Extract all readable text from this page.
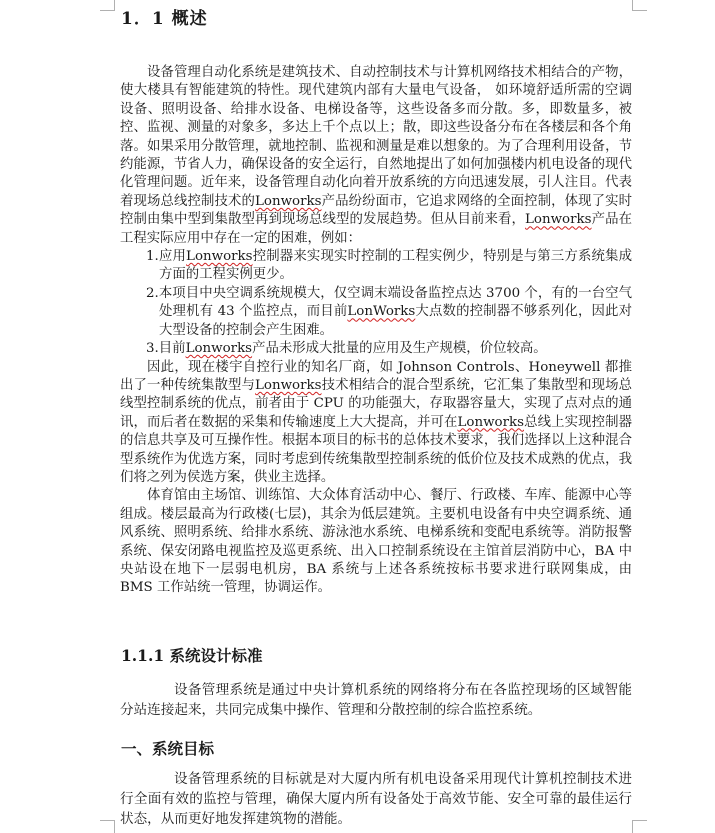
1．1 概述

设备管理自动化系统是建筑技术、自动控制技术与计算机网络技术相结合的产物，使大楼具有智能建筑的特性。现代建筑内部有大量电气设备， 如环境舒适所需的空调设备、照明设备、给排水设备、电梯设备等，这些设备多而分散。多，即数量多，被控、监视、测量的对象多，多达上千个点以上；散，即这些设备分布在各楼层和各个角落。如果采用分散管理，就地控制、监视和测量是难以想象的。为了合理利用设备，节约能源，节省人力，确保设备的安全运行，自然地提出了如何加强楼内机电设备的现代化管理问题。近年来，设备管理自动化向着开放系统的方向迅速发展，引人注目。代表着现场总线控制技术的Lonworks产品纷纷面市，它追求网络的全面控制，体现了实时控制由集中型到集散型再到现场总线型的发展趋势。但从目前来看，Lonworks产品在工程实际应用中存在一定的困难，例如：

1.应用Lonworks控制器来实现实时控制的工程实例少，特别是与第三方系统集成方面的工程实例更少。

2.本项目中央空调系统规模大，仅空调末端设备监控点达 3700 个，有的一台空气处理机有 43 个监控点，而目前LonWorks大点数的控制器不够系列化，因此对大型设备的控制会产生困难。

3.目前Lonworks产品未形成大批量的应用及生产规模，价位较高。

因此，现在楼宇自控行业的知名厂商，如 Johnson Controls、Honeywell 都推出了一种传统集散型与Lonworks技术相结合的混合型系统，它汇集了集散型和现场总线型控制系统的优点，前者由于 CPU 的功能强大，存取器容量大，实现了点对点的通讯，而后者在数据的采集和传输速度上大大提高，并可在Lonworks总线上实现控制器的信息共享及可互操作性。根据本项目的标书的总体技术要求，我们选择以上这种混合型系统作为优选方案，同时考虑到传统集散型控制系统的低价位及技术成熟的优点，我们将之列为侯选方案，供业主选择。

体育馆由主场馆、训练馆、大众体育活动中心、餐厅、行政楼、车库、能源中心等组成。楼层最高为行政楼(七层)，其余为低层建筑。主要机电设备有中央空调系统、通风系统、照明系统、给排水系统、游泳池水系统、电梯系统和变配电系统等。消防报警系统、保安闭路电视监控及巡更系统、出入口控制系统设在主馆首层消防中心，BA 中央站设在地下一层弱电机房，BA 系统与上述各系统按标书要求进行联网集成，由 BMS 工作站统一管理，协调运作。

1.1.1 系统设计标准

设备管理系统是通过中央计算机系统的网络将分布在各监控现场的区域智能分站连接起来，共同完成集中操作、管理和分散控制的综合监控系统。

一、系统目标

设备管理系统的目标就是对大厦内所有机电设备采用现代计算机控制技术进行全面有效的监控与管理，确保大厦内所有设备处于高效节能、安全可靠的最佳运行状态，从而更好地发挥建筑物的潜能。
